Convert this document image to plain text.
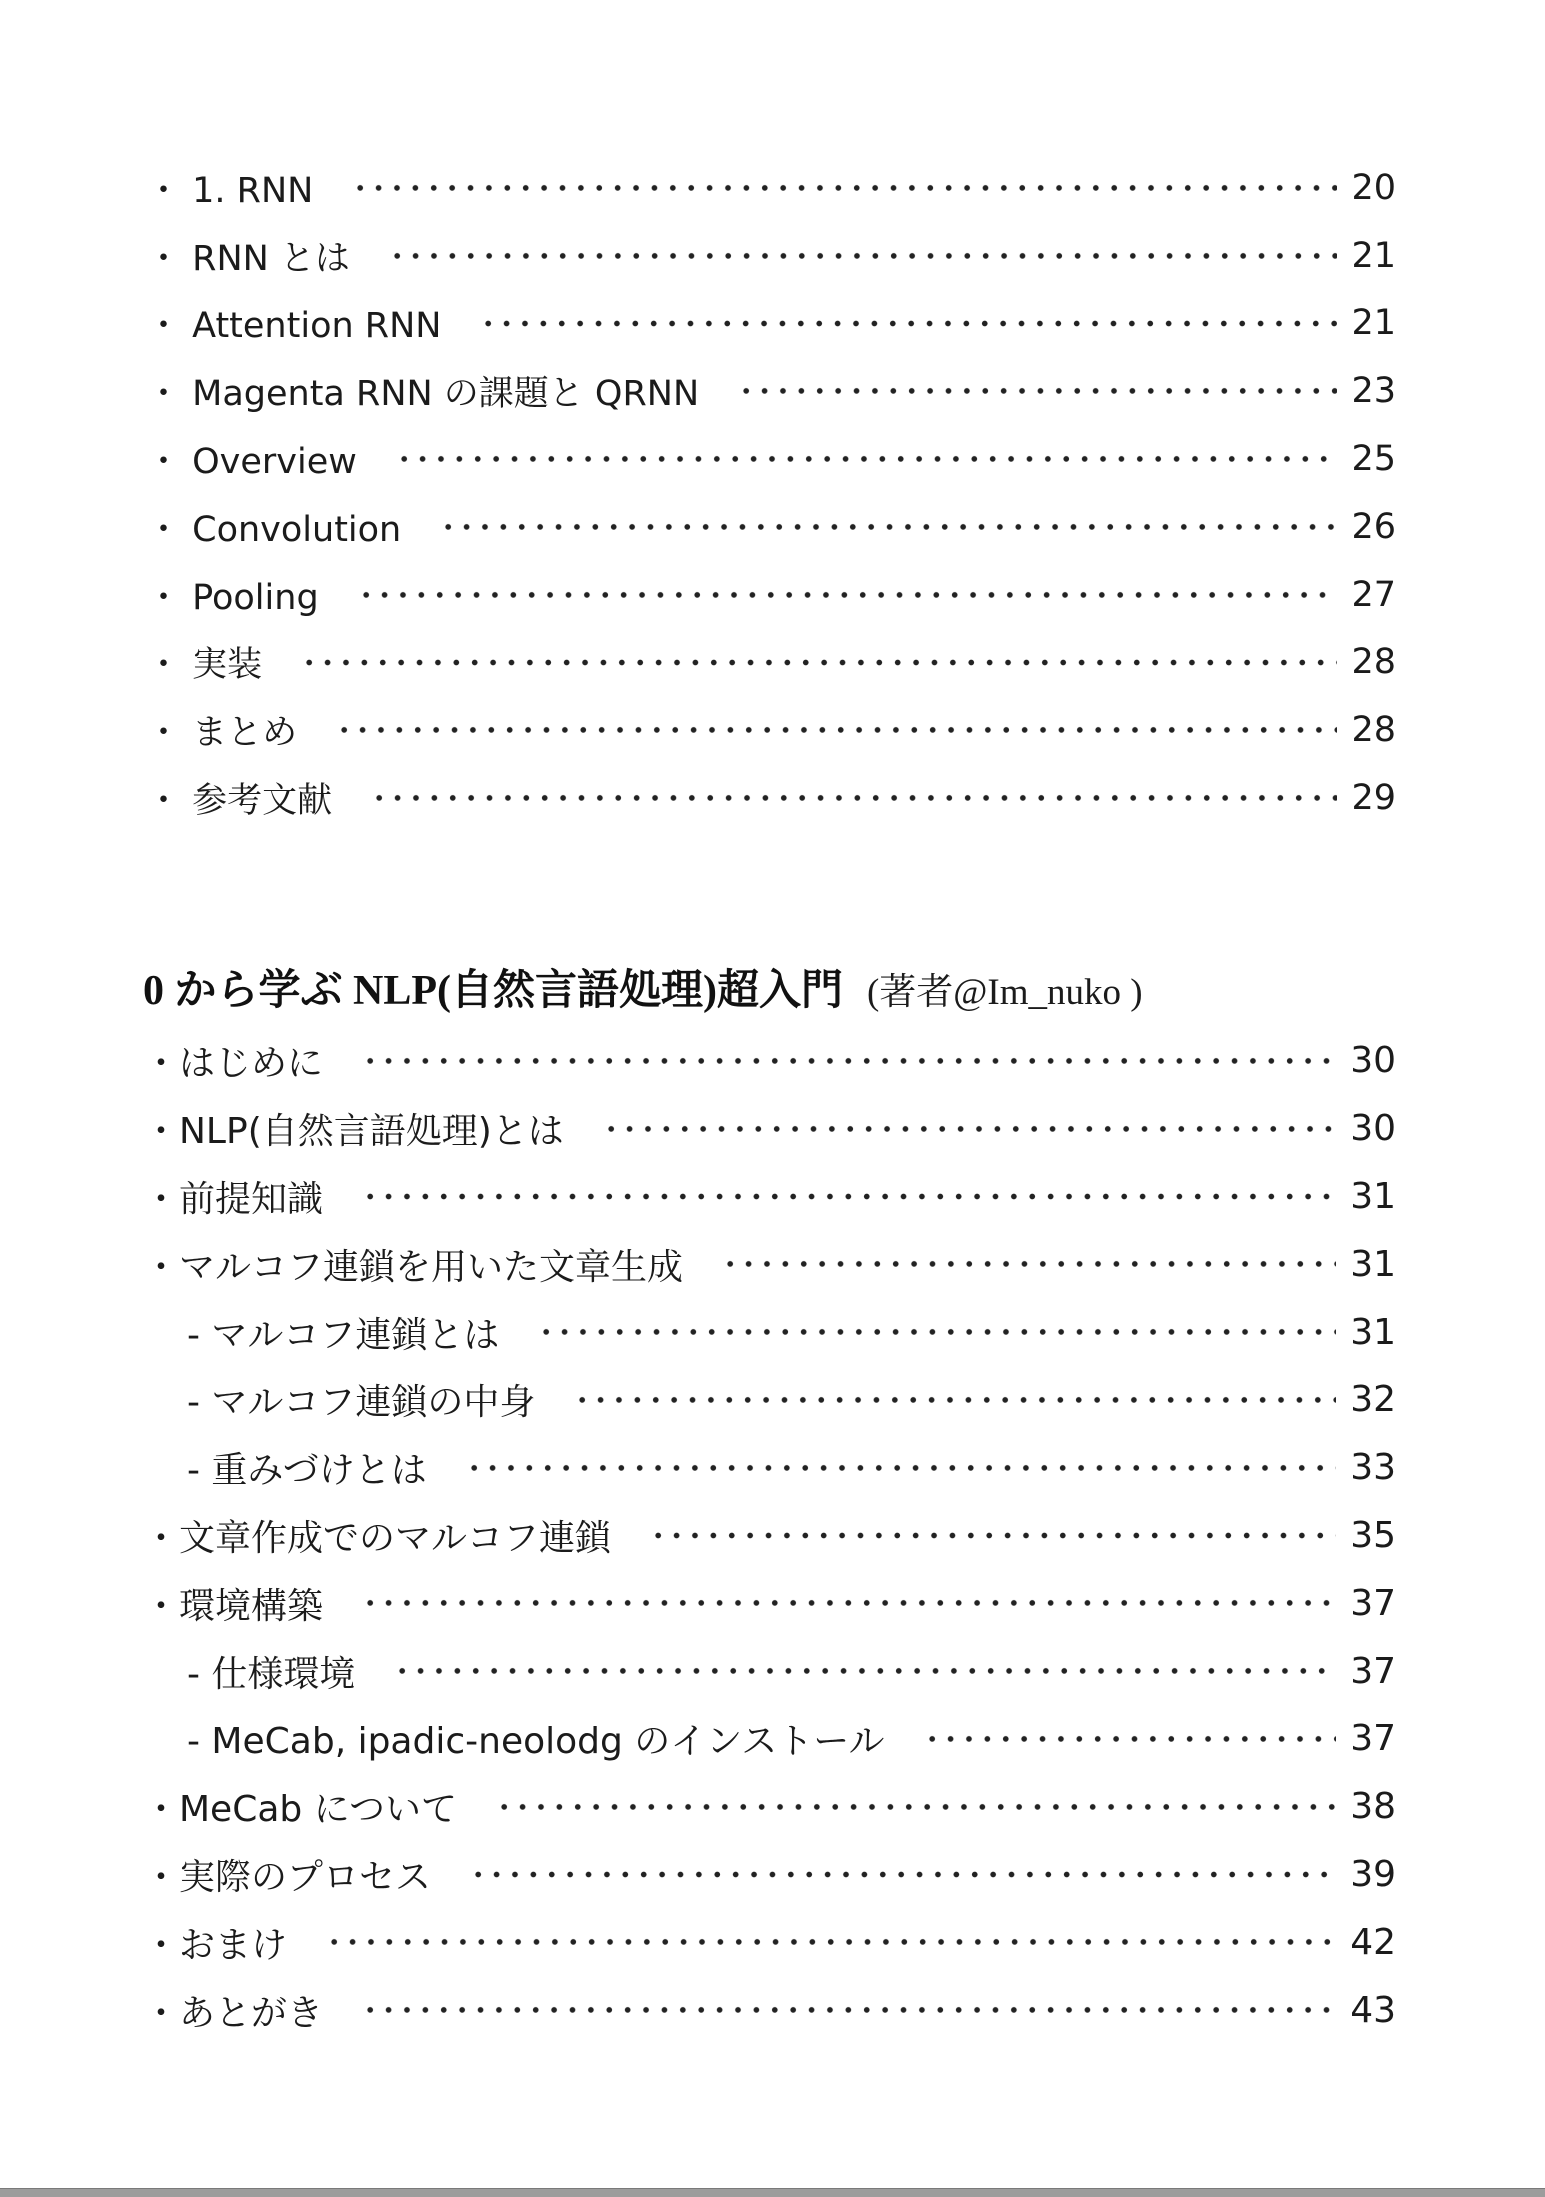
・ 1. RNN	20
・ RNN とは	21
・ Attention RNN	21
・ Magenta RNN の課題と QRNN	23
・ Overview	25
・ Convolution	26
・ Pooling	27
・ 実装	28
・ まとめ	28
・ 参考文献	29
0 から学ぶ NLP(自然言語処理)超入門 (著者@Im_nuko )
・はじめに	30
・NLP(自然言語処理)とは	30
・前提知識	31
・マルコフ連鎖を用いた文章生成	31
- マルコフ連鎖とは	31
- マルコフ連鎖の中身	32
- 重みづけとは	33
・文章作成でのマルコフ連鎖	35
・環境構築	37
- 仕様環境	37
- MeCab, ipadic-neolodg のインストール	37
・MeCab について	38
・実際のプロセス	39
・おまけ	42
・あとがき	43
